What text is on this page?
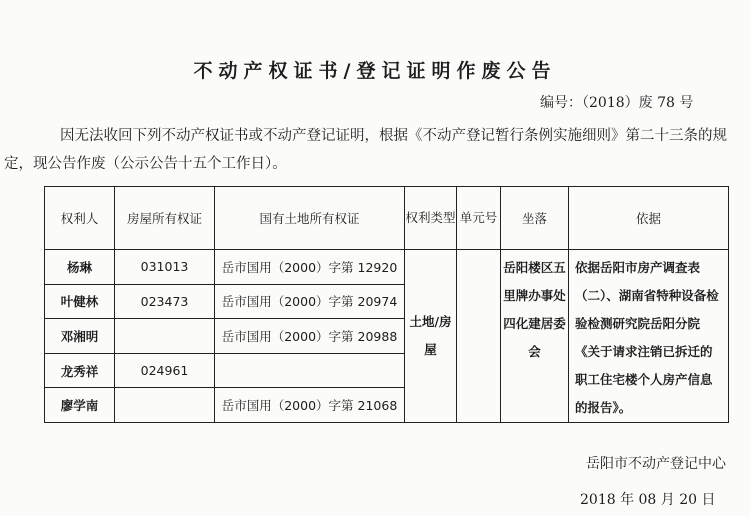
不动产权证书/登记证明作废公告
编号：（2018）废 78 号
因无法收回下列不动产权证书或不动产登记证明，根据《不动产登记暂行条例实施细则》第二十三条的规
定，现公告作废（公示公告十五个工作日）。
权利人	房屋所有权证	国有土地所有权证	权利类型	单元号	坐落	依据
杨琳	031013	岳市国用（2000）字第 12920	土地/房屋		岳阳楼区五里牌办事处四化建居委会	依据岳阳市房产调查表（二）、湖南省特种设备检验检测研究院岳阳分院《关于请求注销已拆迁的职工住宅楼个人房产信息的报告》。
叶健林	023473	岳市国用（2000）字第 20974				
邓湘明		岳市国用（2000）字第 20988				
龙秀祥	024961					
廖学南		岳市国用（2000）字第 21068				
岳阳市不动产登记中心
2018 年 08 月 20 日
